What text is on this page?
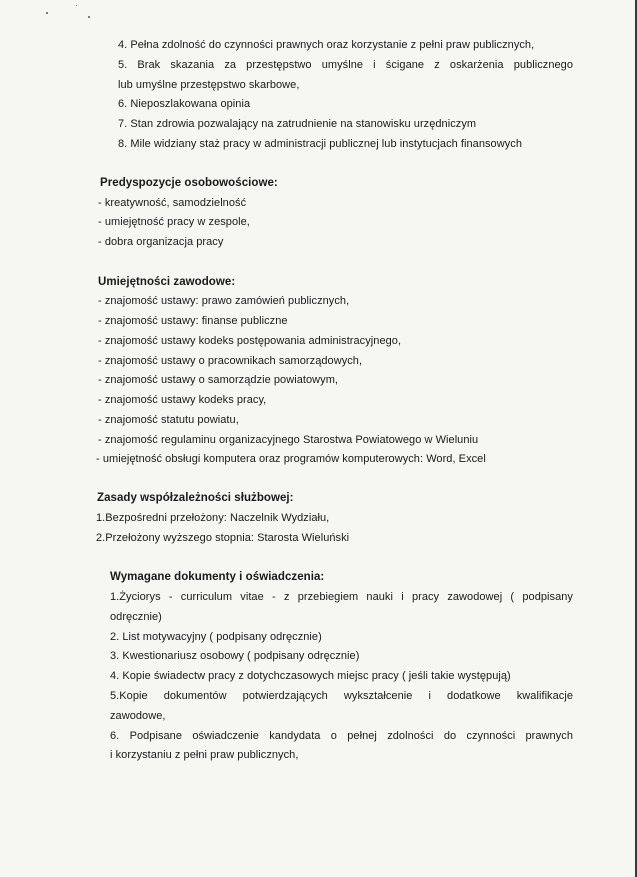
4. Pełna zdolność do czynności prawnych oraz korzystanie z pełni praw publicznych,
5. Brak skazania za przestępstwo umyślne i ścigane z oskarżenia publicznego
lub umyślne przestępstwo skarbowe,
6. Nieposzlakowana opinia
7. Stan zdrowia pozwalający na zatrudnienie na stanowisku urzędniczym
8. Mile widziany staż pracy w administracji publicznej lub instytucjach finansowych
Predyspozycje osobowościowe:
- kreatywność, samodzielność
- umiejętność pracy w zespole,
- dobra organizacja pracy
Umiejętności zawodowe:
- znajomość ustawy: prawo zamówień publicznych,
- znajomość ustawy: finanse publiczne
- znajomość ustawy kodeks postępowania administracyjnego,
- znajomość ustawy o pracownikach samorządowych,
- znajomość ustawy o samorządzie powiatowym,
- znajomość ustawy kodeks pracy,
- znajomość statutu powiatu,
- znajomość regulaminu organizacyjnego Starostwa Powiatowego w Wieluniu
- umiejętność obsługi komputera oraz programów komputerowych: Word, Excel
Zasady współzależności służbowej:
1.Bezpośredni przełożony: Naczelnik Wydziału,
2.Przełożony wyższego stopnia: Starosta Wieluński
Wymagane dokumenty i oświadczenia:
1.Życiorys - curriculum vitae - z przebiegiem nauki i pracy zawodowej ( podpisany
odręcznie)
2. List motywacyjny ( podpisany odręcznie)
3. Kwestionariusz osobowy ( podpisany odręcznie)
4. Kopie świadectw pracy z dotychczasowych miejsc pracy ( jeśli takie występują)
5.Kopie dokumentów potwierdzających wykształcenie i dodatkowe kwalifikacje
zawodowe,
6. Podpisane oświadczenie kandydata o pełnej zdolności do czynności prawnych
i korzystaniu z pełni praw publicznych,
